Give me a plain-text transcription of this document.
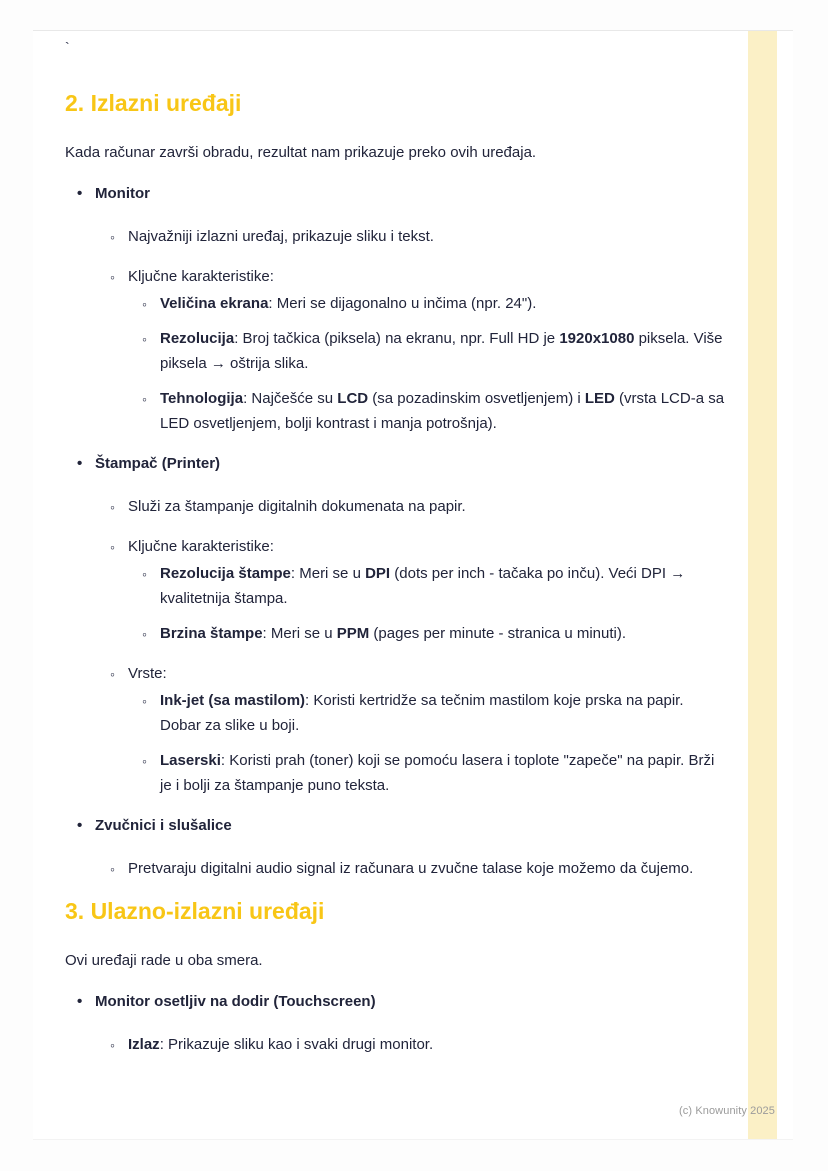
(c) Knowunity 2025
`
2. Izlazni uređaji

Kada računar završi obradu, rezultat nam prikazuje preko ovih uređaja.

• Monitor
◦ Najvažniji izlazni uređaj, prikazuje sliku i tekst.
◦ Ključne karakteristike:
◦ Veličina ekrana: Meri se dijagonalno u inčima (npr. 24").
◦ Rezolucija: Broj tačkica (piksela) na ekranu, npr. Full HD je 1920x1080 piksela. Više piksela → oštrija slika.
◦ Tehnologija: Najčešće su LCD (sa pozadinskim osvetljenjem) i LED (vrsta LCD-a sa LED osvetljenjem, bolji kontrast i manja potrošnja).
• Štampač (Printer)
◦ Služi za štampanje digitalnih dokumenata na papir.
◦ Ključne karakteristike:
◦ Rezolucija štampe: Meri se u DPI (dots per inch - tačaka po inču). Veći DPI → kvalitetnija štampa.
◦ Brzina štampe: Meri se u PPM (pages per minute - stranica u minuti).
◦ Vrste:
◦ Ink-jet (sa mastilom): Koristi kertridže sa tečnim mastilom koje prska na papir. Dobar za slike u boji.
◦ Laserski: Koristi prah (toner) koji se pomoću lasera i toplote "zapeče" na papir. Brži je i bolji za štampanje puno teksta.
• Zvučnici i slušalice
◦ Pretvaraju digitalni audio signal iz računara u zvučne talase koje možemo da čujemo.
3. Ulazno-izlazni uređaji

Ovi uređaji rade u oba smera.

• Monitor osetljiv na dodir (Touchscreen)
◦ Izlaz: Prikazuje sliku kao i svaki drugi monitor.
